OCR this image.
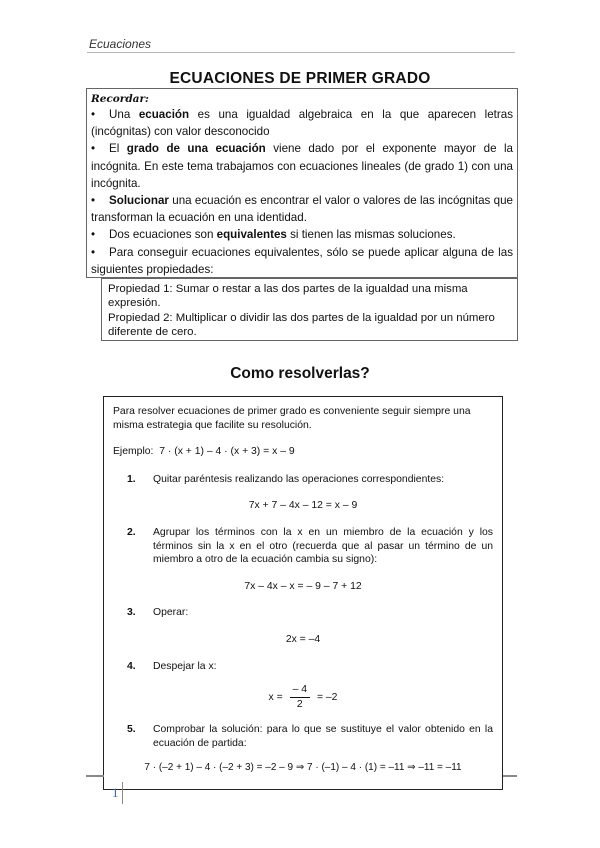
Ecuaciones
ECUACIONES DE PRIMER GRADO
Recordar:
• Una ecuación es una igualdad algebraica en la que aparecen letras (incógnitas) con valor desconocido
• El grado de una ecuación viene dado por el exponente mayor de la incógnita. En este tema trabajamos con ecuaciones lineales (de grado 1) con una incógnita.
• Solucionar una ecuación es encontrar el valor o valores de las incógnitas que transforman la ecuación en una identidad.
• Dos ecuaciones son equivalentes si tienen las mismas soluciones.
• Para conseguir ecuaciones equivalentes, sólo se puede aplicar alguna de las siguientes propiedades:
Propiedad 1: Sumar o restar a las dos partes de la igualdad una misma expresión.
Propiedad 2: Multiplicar o dividir las dos partes de la igualdad por un número diferente de cero.
Como resolverlas?

Para resolver ecuaciones de primer grado es conveniente seguir siempre una misma estrategia que facilite su resolución.

Ejemplo: 7 · (x + 1) – 4 · (x + 3) = x – 9

1. Quitar paréntesis realizando las operaciones correspondientes:
7x + 7 – 4x – 12 = x – 9
2. Agrupar los términos con la x en un miembro de la ecuación y los términos sin la x en el otro (recuerda que al pasar un término de un miembro a otro de la ecuación cambia su signo):
7x – 4x – x = – 9 – 7 + 12
3. Operar:
2x = –4
4. Despejar la x:
$x = \frac{- 4}{2} = -2$
5. Comprobar la solución: para lo que se sustituye el valor obtenido en la ecuación de partida:
7 · (–2 + 1) – 4 · (–2 + 3) = –2 – 9 ⇒ 7 · (–1) – 4 · (1) = –11 ⇒ –11 = –11
1
